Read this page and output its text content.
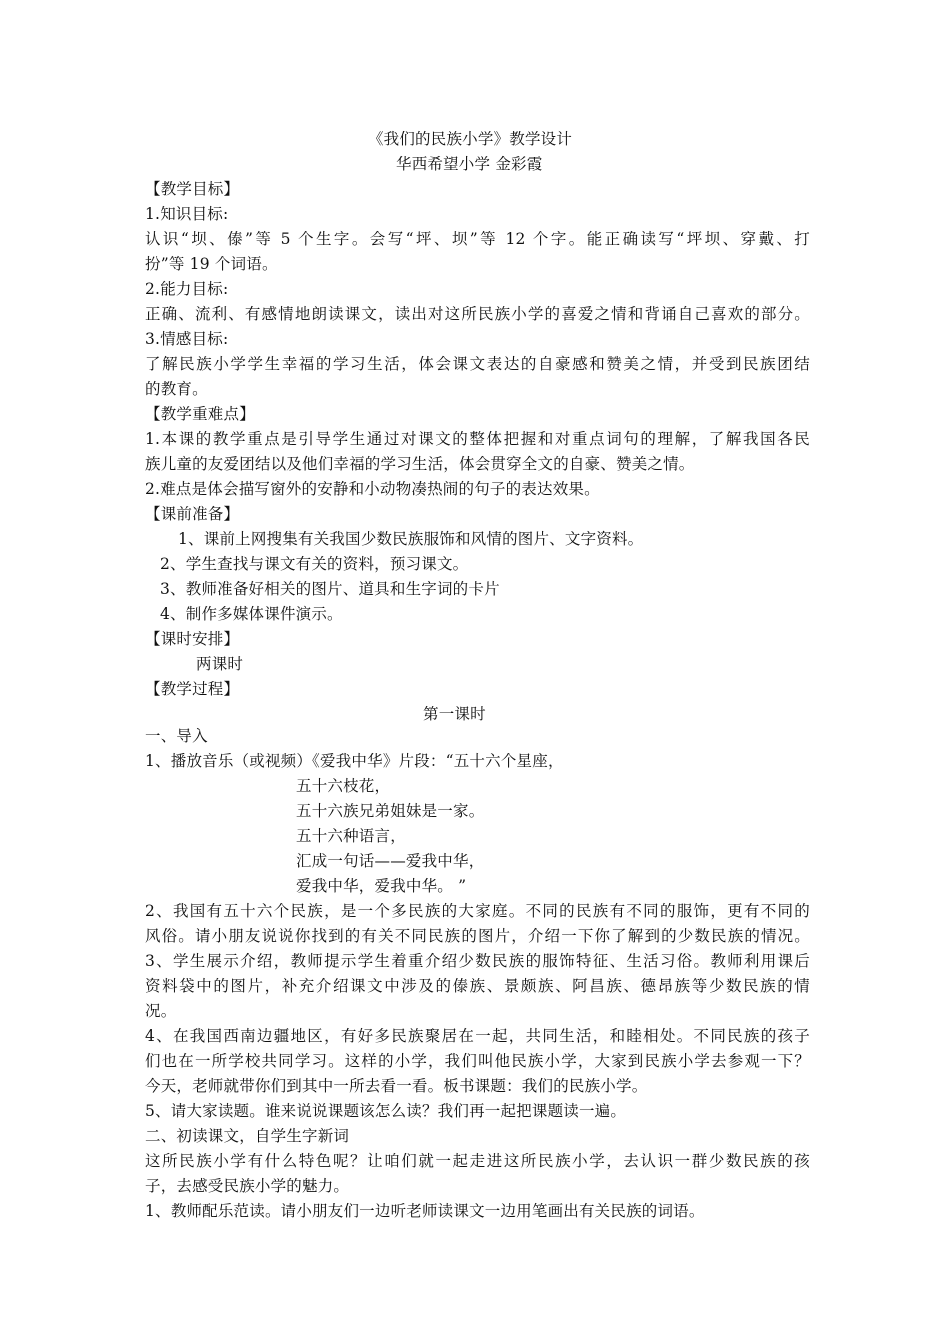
《我们的民族小学》教学设计
华西希望小学 金彩霞
【教学目标】
1.知识目标:
认识“坝、傣”等 5 个生字。会写“坪、坝”等 12 个字。能正确读写“坪坝、穿戴、打
扮”等 19 个词语。
2.能力目标:
正确、流利、有感情地朗读课文，读出对这所民族小学的喜爱之情和背诵自己喜欢的部分。
3.情感目标:
了解民族小学学生幸福的学习生活，体会课文表达的自豪感和赞美之情，并受到民族团结
的教育。
【教学重难点】
1.本课的教学重点是引导学生通过对课文的整体把握和对重点词句的理解，了解我国各民
族儿童的友爱团结以及他们幸福的学习生活，体会贯穿全文的自豪、赞美之情。
2.难点是体会描写窗外的安静和小动物凑热闹的句子的表达效果。
【课前准备】
1、课前上网搜集有关我国少数民族服饰和风情的图片、文字资料。
2、学生查找与课文有关的资料，预习课文。
3、教师准备好相关的图片、道具和生字词的卡片
4、制作多媒体课件演示。
【课时安排】
两课时
【教学过程】
第一课时
一、导入
1、播放音乐（或视频）《爱我中华》片段：“五十六个星座，
五十六枝花，
五十六族兄弟姐妹是一家。
五十六种语言，
汇成一句话——爱我中华，
爱我中华，爱我中华。 ”
2、我国有五十六个民族，是一个多民族的大家庭。不同的民族有不同的服饰，更有不同的
风俗。请小朋友说说你找到的有关不同民族的图片，介绍一下你了解到的少数民族的情况。
3、学生展示介绍，教师提示学生着重介绍少数民族的服饰特征、生活习俗。教师利用课后
资料袋中的图片，补充介绍课文中涉及的傣族、景颇族、阿昌族、德昂族等少数民族的情
况。
4、在我国西南边疆地区，有好多民族聚居在一起，共同生活，和睦相处。不同民族的孩子
们也在一所学校共同学习。这样的小学，我们叫他民族小学，大家到民族小学去参观一下？
今天，老师就带你们到其中一所去看一看。板书课题：我们的民族小学。
5、请大家读题。谁来说说课题该怎么读？我们再一起把课题读一遍。
二、初读课文，自学生字新词
这所民族小学有什么特色呢？让咱们就一起走进这所民族小学，去认识一群少数民族的孩
子，去感受民族小学的魅力。
1、教师配乐范读。请小朋友们一边听老师读课文一边用笔画出有关民族的词语。
